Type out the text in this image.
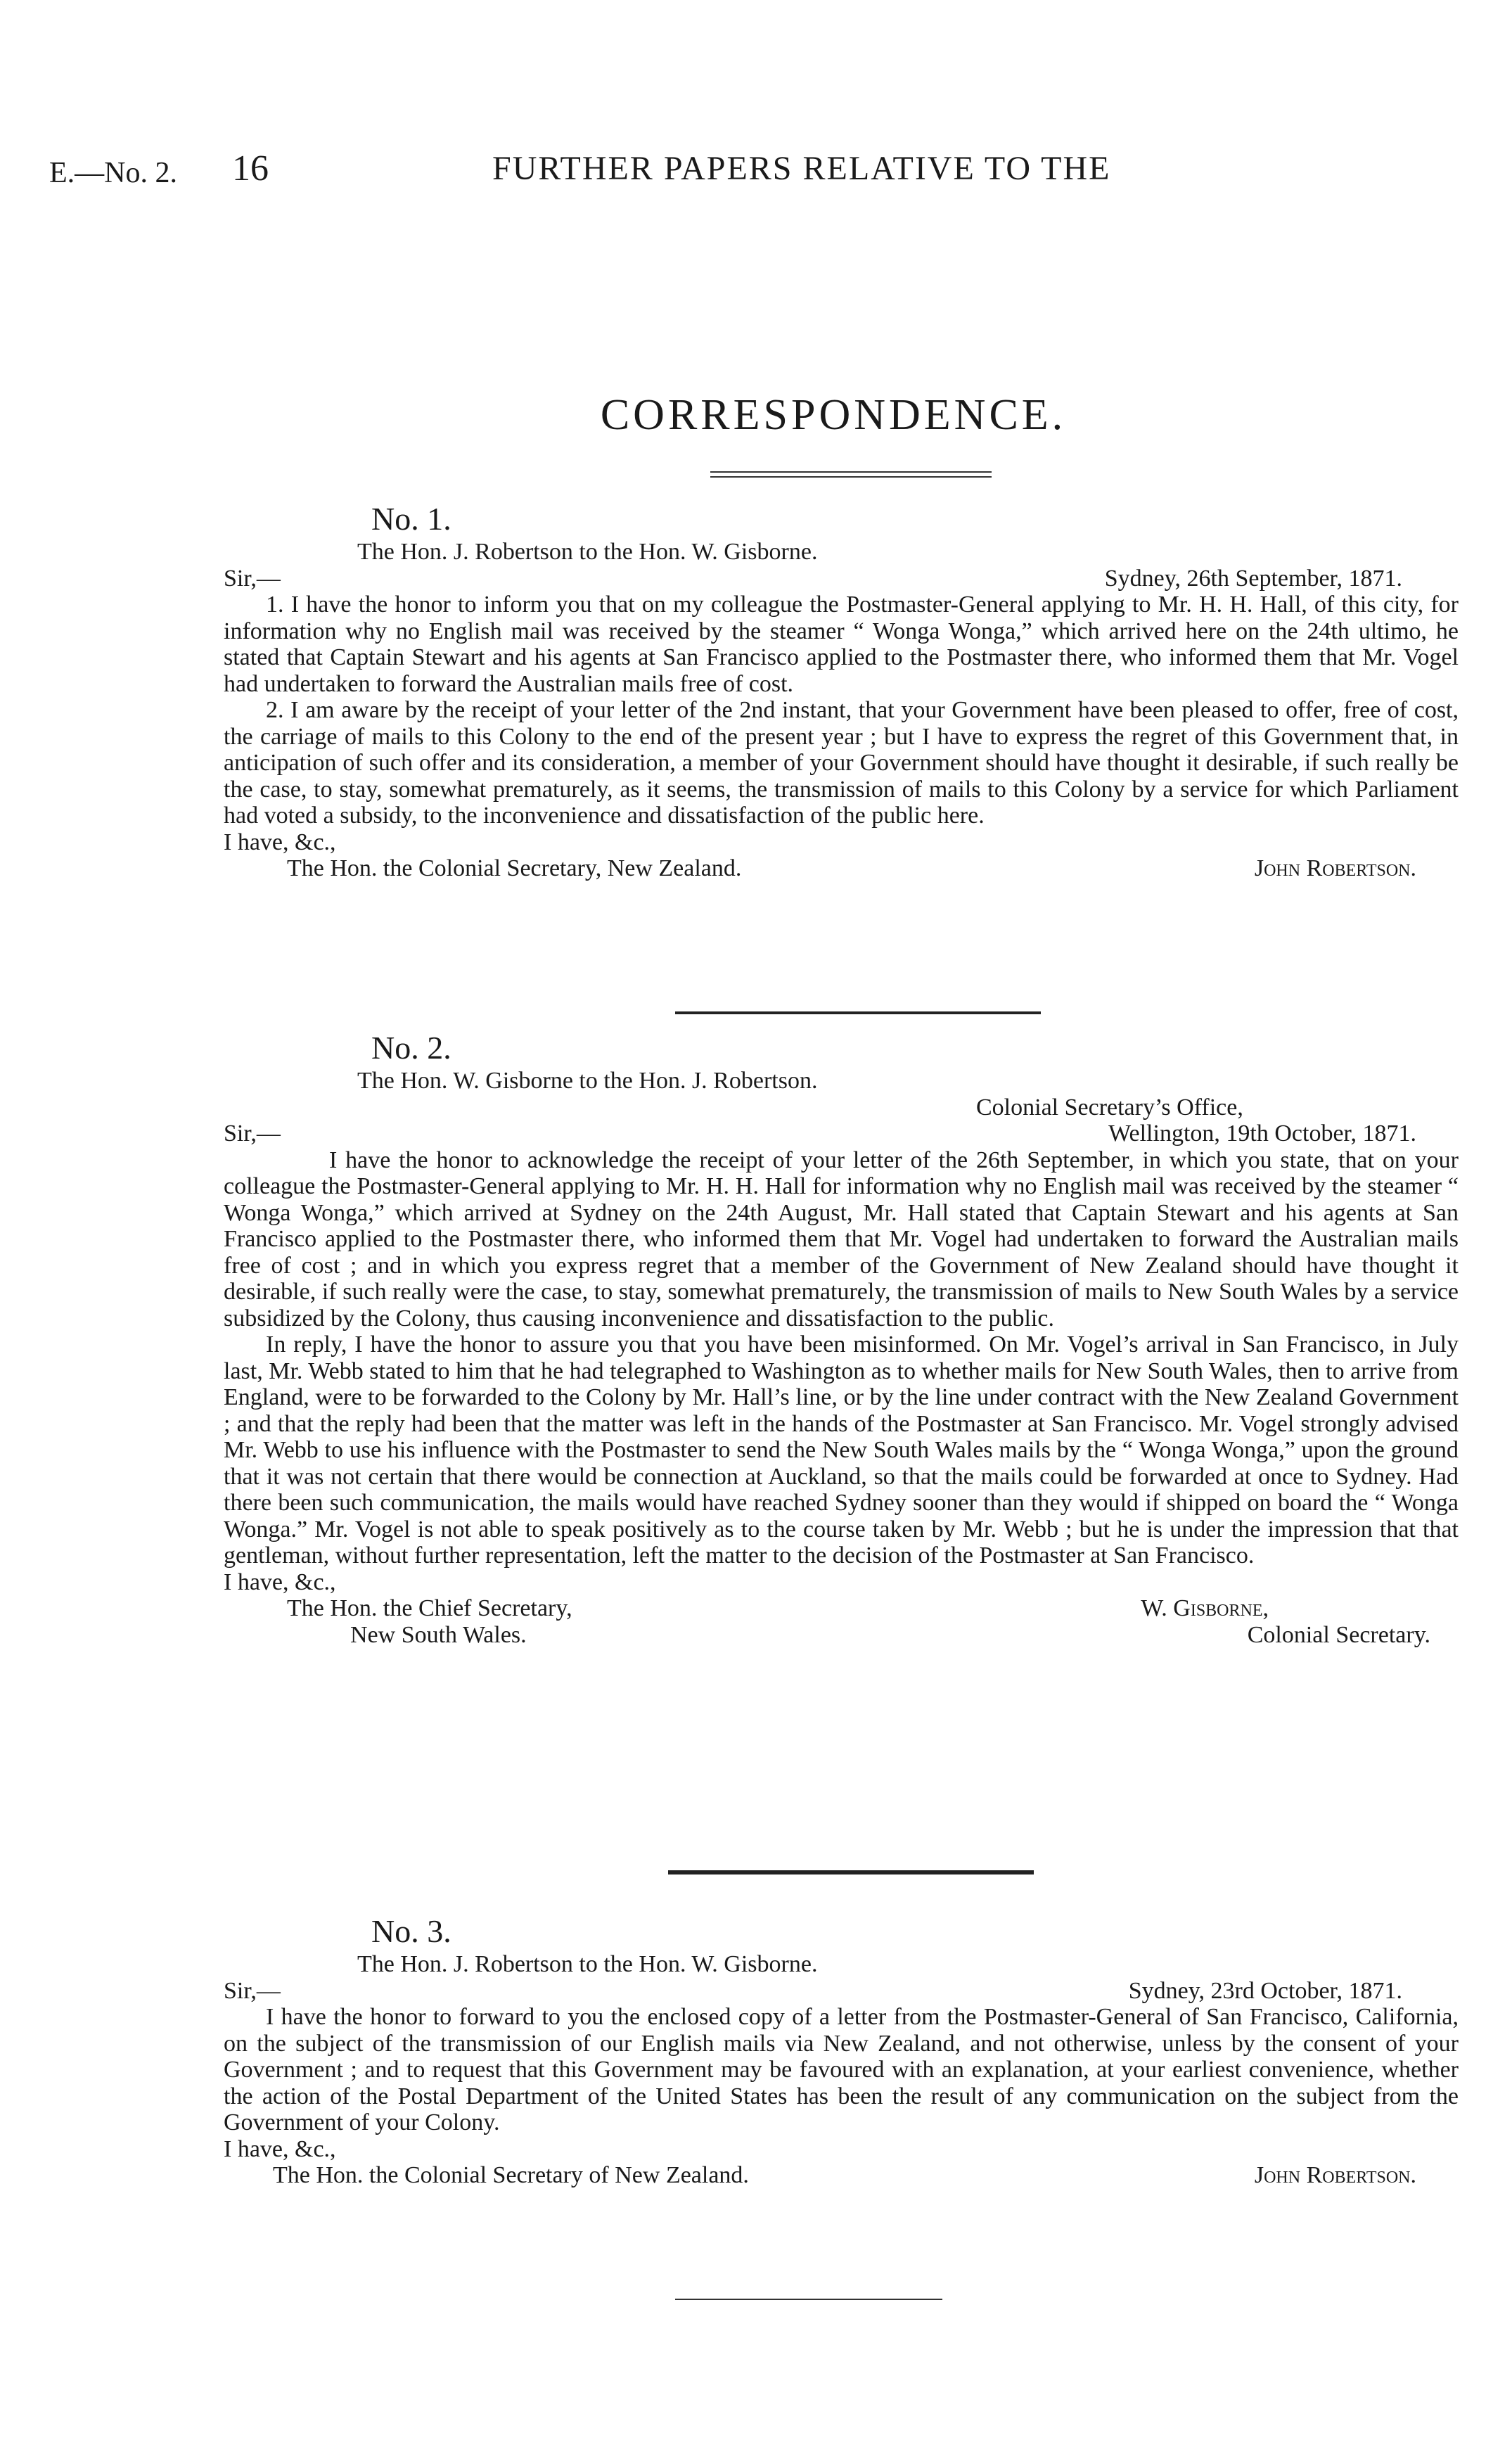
E.—No. 2. 16	FURTHER PAPERS RELATIVE TO THE
CORRESPONDENCE.

No. 1.

The Hon. J. Robertson to the Hon. W. Gisborne.

Sir,—	Sydney, 26th September, 1871.

1. I have the honor to inform you that on my colleague the Postmaster-General applying to Mr. H. H. Hall, of this city, for information why no English mail was received by the steamer “ Wonga Wonga,” which arrived here on the 24th ultimo, he stated that Captain Stewart and his agents at San Francisco applied to the Postmaster there, who informed them that Mr. Vogel had undertaken to forward the Australian mails free of cost.

2. I am aware by the receipt of your letter of the 2nd instant, that your Government have been pleased to offer, free of cost, the carriage of mails to this Colony to the end of the present year ; but I have to express the regret of this Government that, in anticipation of such offer and its consideration, a member of your Government should have thought it desirable, if such really be the case, to stay, somewhat prematurely, as it seems, the transmission of mails to this Colony by a service for which Parliament had voted a subsidy, to the inconvenience and dissatisfaction of the public here.

I have, &c.,

The Hon. the Colonial Secretary, New Zealand.	John Robertson.

No. 2.

The Hon. W. Gisborne to the Hon. J. Robertson.

Colonial Secretary’s Office,

Sir,—	Wellington, 19th October, 1871.

I have the honor to acknowledge the receipt of your letter of the 26th September, in which you state, that on your colleague the Postmaster-General applying to Mr. H. H. Hall for information why no English mail was received by the steamer “ Wonga Wonga,” which arrived at Sydney on the 24th August, Mr. Hall stated that Captain Stewart and his agents at San Francisco applied to the Postmaster there, who informed them that Mr. Vogel had undertaken to forward the Australian mails free of cost ; and in which you express regret that a member of the Government of New Zealand should have thought it desirable, if such really were the case, to stay, somewhat prematurely, the transmission of mails to New South Wales by a service subsidized by the Colony, thus causing inconvenience and dissatisfaction to the public.

In reply, I have the honor to assure you that you have been misinformed. On Mr. Vogel’s arrival in San Francisco, in July last, Mr. Webb stated to him that he had telegraphed to Washington as to whether mails for New South Wales, then to arrive from England, were to be forwarded to the Colony by Mr. Hall’s line, or by the line under contract with the New Zealand Government ; and that the reply had been that the matter was left in the hands of the Postmaster at San Francisco. Mr. Vogel strongly advised Mr. Webb to use his influence with the Postmaster to send the New South Wales mails by the “ Wonga Wonga,” upon the ground that it was not certain that there would be connection at Auckland, so that the mails could be forwarded at once to Sydney. Had there been such communication, the mails would have reached Sydney sooner than they would if shipped on board the “ Wonga Wonga.” Mr. Vogel is not able to speak positively as to the course taken by Mr. Webb ; but he is under the impression that that gentleman, without further representation, left the matter to the decision of the Postmaster at San Francisco.

I have, &c.,

The Hon. the Chief Secretary,	W. Gisborne,
New South Wales.	Colonial Secretary.

No. 3.

The Hon. J. Robertson to the Hon. W. Gisborne.

Sir,—	Sydney, 23rd October, 1871.

I have the honor to forward to you the enclosed copy of a letter from the Postmaster-General of San Francisco, California, on the subject of the transmission of our English mails via New Zealand, and not otherwise, unless by the consent of your Government ; and to request that this Government may be favoured with an explanation, at your earliest convenience, whether the action of the Postal Department of the United States has been the result of any communication on the subject from the Government of your Colony.

I have, &c.,

The Hon. the Colonial Secretary of New Zealand.	John Robertson.
